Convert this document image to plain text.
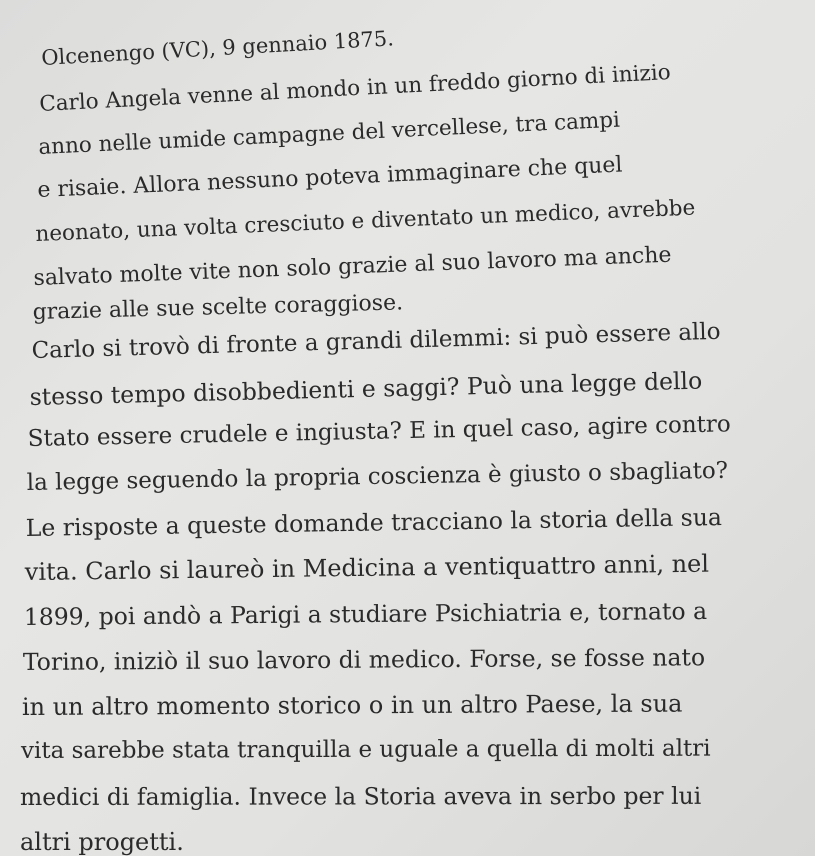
Olcenengo (VC), 9 gennaio 1875.
Carlo Angela venne al mondo in un freddo giorno di inizio
anno nelle umide campagne del vercellese, tra campi
e risaie. Allora nessuno poteva immaginare che quel
neonato, una volta cresciuto e diventato un medico, avrebbe
salvato molte vite non solo grazie al suo lavoro ma anche
grazie alle sue scelte coraggiose.
Carlo si trovò di fronte a grandi dilemmi: si può essere allo
stesso tempo disobbedienti e saggi? Può una legge dello
Stato essere crudele e ingiusta? E in quel caso, agire contro
la legge seguendo la propria coscienza è giusto o sbagliato?
Le risposte a queste domande tracciano la storia della sua
vita. Carlo si laureò in Medicina a ventiquattro anni, nel
1899, poi andò a Parigi a studiare Psichiatria e, tornato a
Torino, iniziò il suo lavoro di medico. Forse, se fosse nato
in un altro momento storico o in un altro Paese, la sua
vita sarebbe stata tranquilla e uguale a quella di molti altri
medici di famiglia. Invece la Storia aveva in serbo per lui
altri progetti.
